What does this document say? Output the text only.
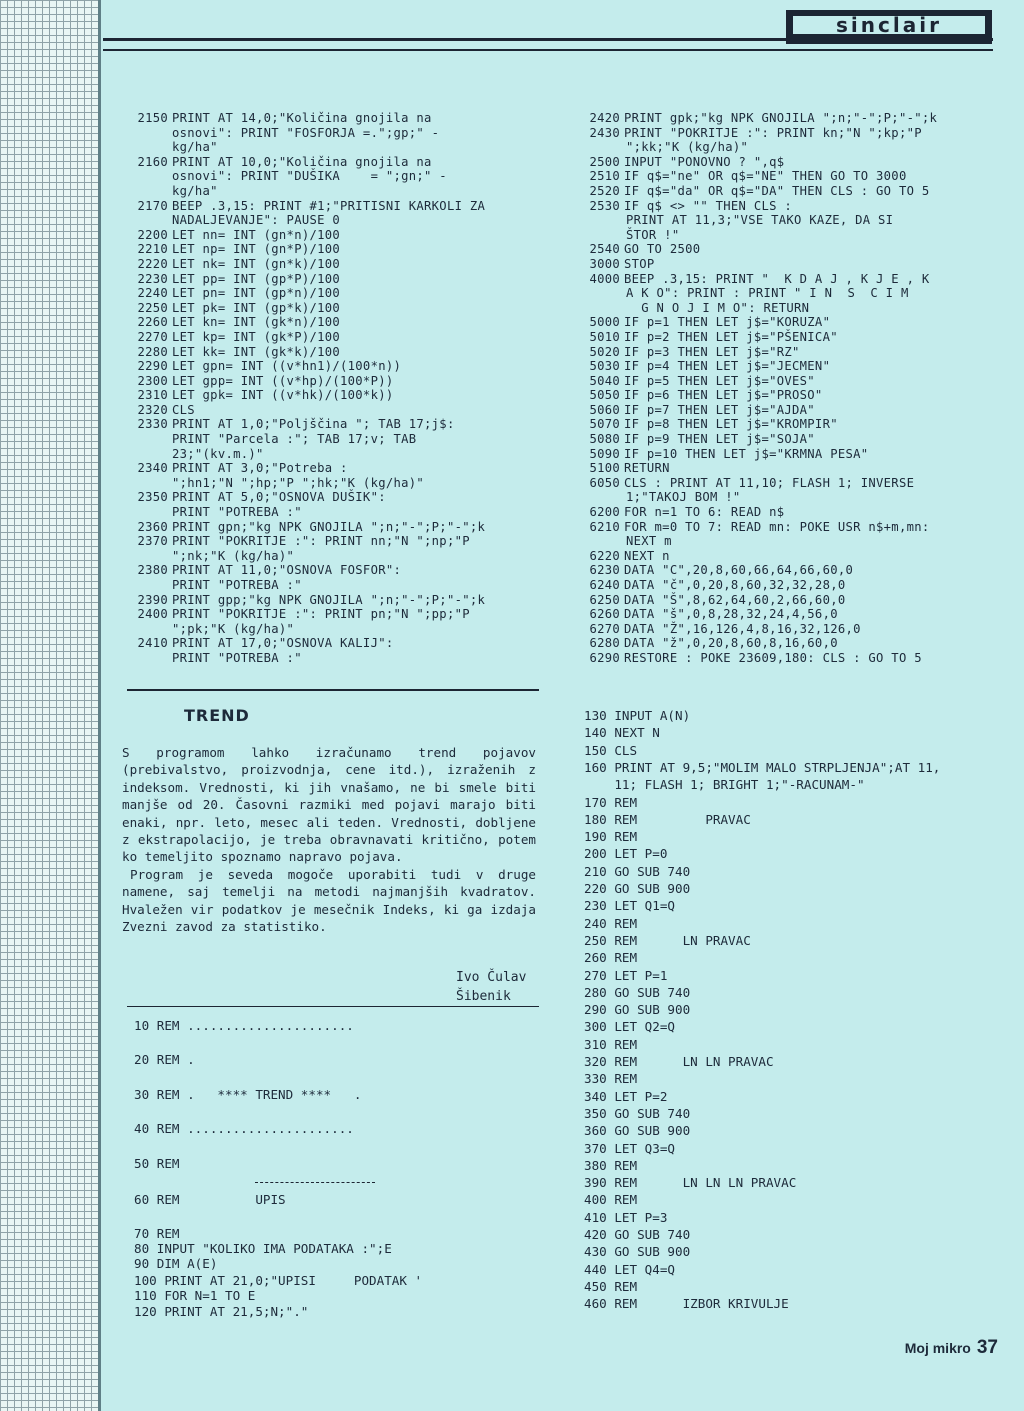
sinclair
2150 PRINT AT 14,0;"Količina gnojila na
osnovi": PRINT "FOSFORJA =.";gp;" -
kg/ha"
2160 PRINT AT 10,0;"Količina gnojila na
osnovi": PRINT "DUŠIKA    = ";gn;" -
kg/ha"
2170 BEEP .3,15: PRINT #1;"PRITISNI KARKOLI ZA
NADALJEVANJE": PAUSE 0
2200 LET nn= INT (gn*n)/100
2210 LET np= INT (gn*P)/100
2220 LET nk= INT (gn*k)/100
2230 LET pp= INT (gp*P)/100
2240 LET pn= INT (gp*n)/100
2250 LET pk= INT (gp*k)/100
2260 LET kn= INT (gk*n)/100
2270 LET kp= INT (gk*P)/100
2280 LET kk= INT (gk*k)/100
2290 LET gpn= INT ((v*hn1)/(100*n))
2300 LET gpp= INT ((v*hp)/(100*P))
2310 LET gpk= INT ((v*hk)/(100*k))
2320 CLS
2330 PRINT AT 1,0;"Poljščina "; TAB 17;j$:
PRINT "Parcela :"; TAB 17;v; TAB
23;"(kv.m.)"
2340 PRINT AT 3,0;"Potreba :
";hn1;"N ";hp;"P ";hk;"K (kg/ha)"
2350 PRINT AT 5,0;"OSNOVA DUŠIK":
PRINT "POTREBA :"
2360 PRINT gpn;"kg NPK GNOJILA ";n;"-";P;"-";k
2370 PRINT "POKRITJE :": PRINT nn;"N ";np;"P
";nk;"K (kg/ha)"
2380 PRINT AT 11,0;"OSNOVA FOSFOR":
PRINT "POTREBA :"
2390 PRINT gpp;"kg NPK GNOJILA ";n;"-";P;"-";k
2400 PRINT "POKRITJE :": PRINT pn;"N ";pp;"P
";pk;"K (kg/ha)"
2410 PRINT AT 17,0;"OSNOVA KALIJ":
PRINT "POTREBA :"
2420 PRINT gpk;"kg NPK GNOJILA ";n;"-";P;"-";k
2430 PRINT "POKRITJE :": PRINT kn;"N ";kp;"P
";kk;"K (kg/ha)"
2500 INPUT "PONOVNO ? ",q$
2510 IF q$="ne" OR q$="NE" THEN GO TO 3000
2520 IF q$="da" OR q$="DA" THEN CLS : GO TO 5
2530 IF q$ <> "" THEN CLS :
PRINT AT 11,3;"VSE TAKO KAZE, DA SI
ŠTOR !"
2540 GO TO 2500
3000 STOP
4000 BEEP .3,15: PRINT "  K D A J , K J E , K
A K O": PRINT : PRINT " I N  S  C I M
G N O J I M O": RETURN
5000 IF p=1 THEN LET j$="KORUZA"
5010 IF p=2 THEN LET j$="PŠENICA"
5020 IF p=3 THEN LET j$="RZ"
5030 IF p=4 THEN LET j$="JECMEN"
5040 IF p=5 THEN LET j$="OVES"
5050 IF p=6 THEN LET j$="PROSO"
5060 IF p=7 THEN LET j$="AJDA"
5070 IF p=8 THEN LET j$="KROMPIR"
5080 IF p=9 THEN LET j$="SOJA"
5090 IF p=10 THEN LET j$="KRMNA PESA"
5100 RETURN
6050 CLS : PRINT AT 11,10; FLASH 1; INVERSE
1;"TAKOJ BOM !"
6200 FOR n=1 TO 6: READ n$
6210 FOR m=0 TO 7: READ mn: POKE USR n$+m,mn:
NEXT m
6220 NEXT n
6230 DATA "C",20,8,60,66,64,66,60,0
6240 DATA "č",0,20,8,60,32,32,28,0
6250 DATA "Š",8,62,64,60,2,66,60,0
6260 DATA "š",0,8,28,32,24,4,56,0
6270 DATA "Ž",16,126,4,8,16,32,126,0
6280 DATA "ž",0,20,8,60,8,16,60,0
6290 RESTORE : POKE 23609,180: CLS : GO TO 5
TREND

S programom lahko izračunamo trend pojavov (prebivalstvo, proizvodnja, cene itd.), izraženih z indeksom. Vrednosti, ki jih vnašamo, ne bi smele biti manjše od 20. Časovni razmiki med pojavi marajo biti enaki, npr. leto, mesec ali teden. Vrednosti, dobljene z ekstrapolacijo, je treba obravnavati kritično, potem ko temeljito spoznamo napravo pojava.

Program je seveda mogoče uporabiti tudi v druge namene, saj temelji na metodi najmanjših kvadratov. Hvaležen vir podatkov je mesečnik Indeks, ki ga izdaja Zvezni zavod za statistiko.

Ivo Čulav
Šibenik
10 REM ......................
20 REM .
30 REM .   **** TREND ****   .
40 REM ......................
50 REM
60 REM          UPIS
70 REM
80 INPUT "KOLIKO IMA PODATAKA :";E
90 DIM A(E)
100 PRINT AT 21,0;"UPISI     PODATAK '
110 FOR N=1 TO E
120 PRINT AT 21,5;N;"."
130 INPUT A(N)
140 NEXT N
150 CLS
160 PRINT AT 9,5;"MOLIM MALO STRPLJENJA";AT 11,
11; FLASH 1; BRIGHT 1;"-RACUNAM-"
170 REM
180 REM         PRAVAC
190 REM
200 LET P=0
210 GO SUB 740
220 GO SUB 900
230 LET Q1=Q
240 REM
250 REM      LN PRAVAC
260 REM
270 LET P=1
280 GO SUB 740
290 GO SUB 900
300 LET Q2=Q
310 REM
320 REM      LN LN PRAVAC
330 REM
340 LET P=2
350 GO SUB 740
360 GO SUB 900
370 LET Q3=Q
380 REM
390 REM      LN LN LN PRAVAC
400 REM
410 LET P=3
420 GO SUB 740
430 GO SUB 900
440 LET Q4=Q
450 REM
460 REM      IZBOR KRIVULJE
Moj mikro 37
